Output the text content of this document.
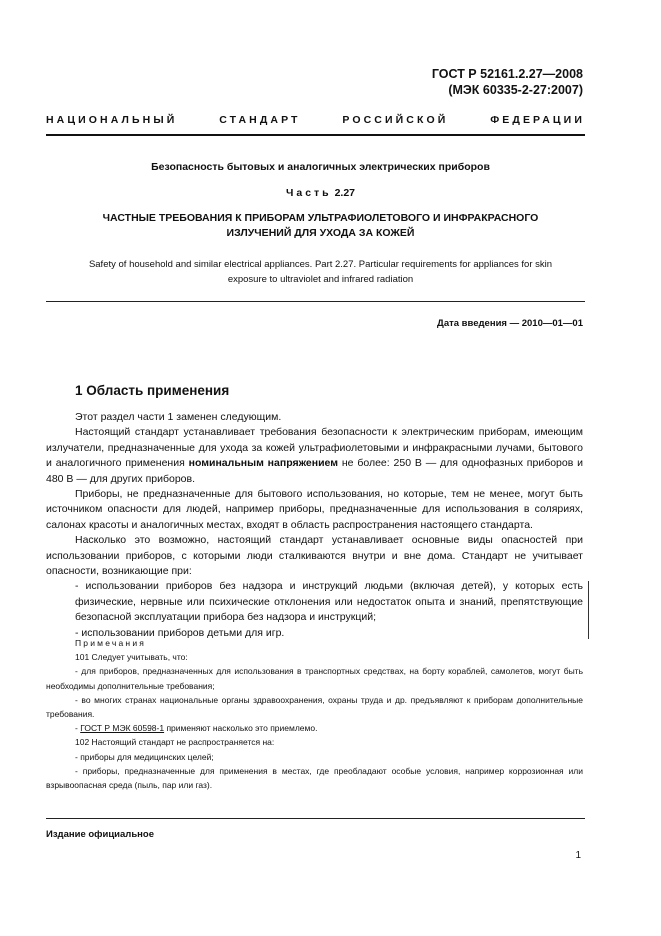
ГОСТ Р 52161.2.27—2008
(МЭК 60335-2-27:2007)
НАЦИОНАЛЬНЫЙ	СТАНДАРТ	РОССИЙСКОЙ	ФЕДЕРАЦИИ
Безопасность бытовых и аналогичных электрических приборов
Часть 2.27
ЧАСТНЫЕ ТРЕБОВАНИЯ К ПРИБОРАМ УЛЬТРАФИОЛЕТОВОГО И ИНФРАКРАСНОГО
ИЗЛУЧЕНИЙ ДЛЯ УХОДА ЗА КОЖЕЙ
Safety of household and similar electrical appliances. Part 2.27. Particular requirements for appliances for skin
exposure to ultraviolet and infrared radiation
Дата введения — 2010—01—01
1 Область применения

Этот раздел части 1 заменен следующим.

Настоящий стандарт устанавливает требования безопасности к электрическим приборам, имеющим излучатели, предназначенные для ухода за кожей ультрафиолетовыми и инфракрасными лучами, бытового и аналогичного применения номинальным напряжением не более: 250 В — для однофазных приборов и 480 В — для других приборов.

Приборы, не предназначенные для бытового использования, но которые, тем не менее, могут быть источником опасности для людей, например приборы, предназначенные для использования в соляриях, салонах красоты и аналогичных местах, входят в область распространения настоящего стандарта.

Насколько это возможно, настоящий стандарт устанавливает основные виды опасностей при использовании приборов, с которыми люди сталкиваются внутри и вне дома. Стандарт не учитывает опасности, возникающие при:

- использовании приборов без надзора и инструкций людьми (включая детей), у которых есть физические, нервные или психические отклонения или недостаток опыта и знаний, препятствующие безопасной эксплуатации прибора без надзора и инструкций;

- использовании приборов детьми для игр.

Примечания

101 Следует учитывать, что:

- для приборов, предназначенных для использования в транспортных средствах, на борту кораблей, самолетов, могут быть необходимы дополнительные требования;

- во многих странах национальные органы здравоохранения, охраны труда и др. предъявляют к приборам дополнительные требования.

- ГОСТ Р МЭК 60598-1 применяют насколько это приемлемо.

102 Настоящий стандарт не распространяется на:

- приборы для медицинских целей;

- приборы, предназначенные для применения в местах, где преобладают особые условия, например коррозионная или взрывоопасная среда (пыль, пар или газ).

Издание официальное
1
